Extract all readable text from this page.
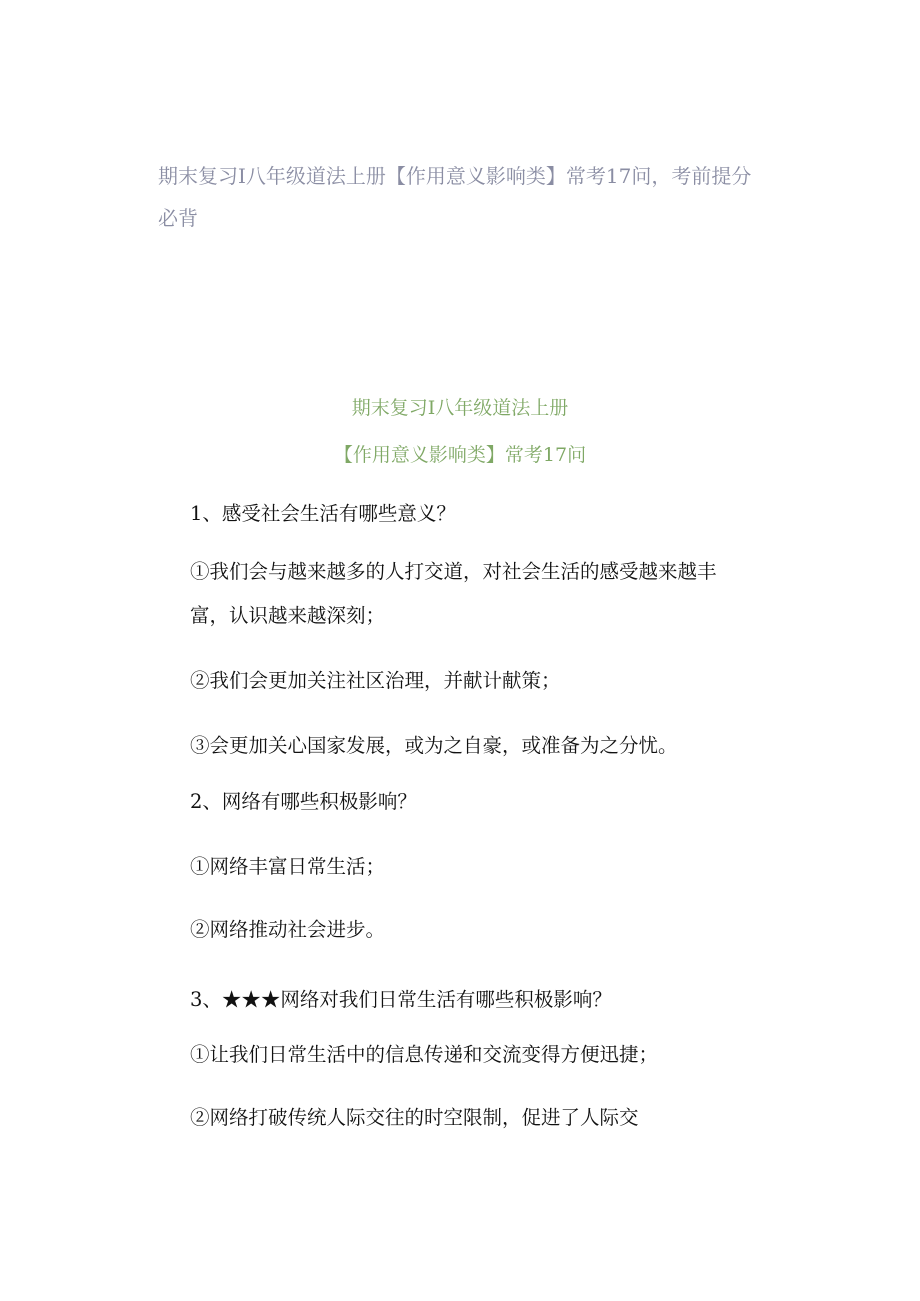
期末复习I八年级道法上册【作用意义影响类】常考17问，考前提分必背
期末复习I八年级道法上册
【作用意义影响类】常考17问

1、感受社会生活有哪些意义？

①我们会与越来越多的人打交道，对社会生活的感受越来越丰富，认识越来越深刻；

②我们会更加关注社区治理，并献计献策；

③会更加关心国家发展，或为之自豪，或准备为之分忧。

2、网络有哪些积极影响？

①网络丰富日常生活；

②网络推动社会进步。

3、★★★网络对我们日常生活有哪些积极影响？

①让我们日常生活中的信息传递和交流变得方便迅捷；

②网络打破传统人际交往的时空限制，促进了人际交
